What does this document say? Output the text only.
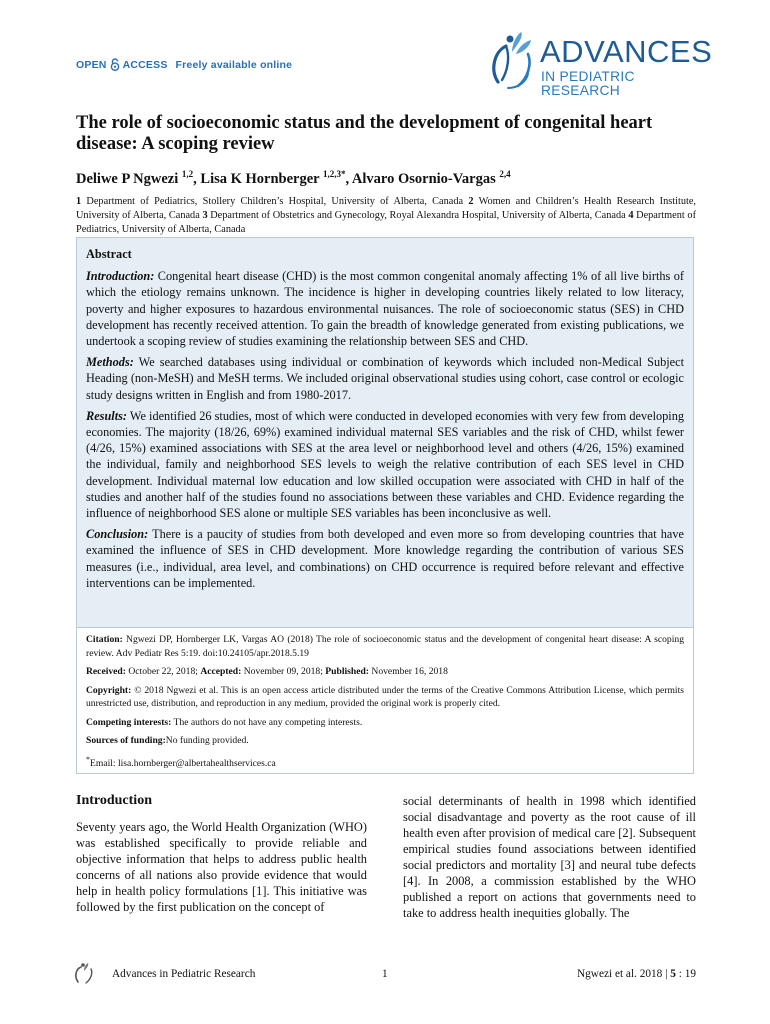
OPEN ACCESS Freely available online	ADVANCES
IN PEDIATRIC RESEARCH
The role of socioeconomic status and the development of congenital heart disease: A scoping review
Deliwe P Ngwezi $^{1,2}$, Lisa K Hornberger $^{1,2,3*}$, Alvaro Osornio-Vargas $^{2,4}$
1 Department of Pediatrics, Stollery Children’s Hospital, University of Alberta, Canada 2 Women and Children’s Health Research Institute, University of Alberta, Canada 3 Department of Obstetrics and Gynecology, Royal Alexandra Hospital, University of Alberta, Canada 4 Department of Pediatrics, University of Alberta, Canada
Abstract

Introduction: Congenital heart disease (CHD) is the most common congenital anomaly affecting 1% of all live births of which the etiology remains unknown. The incidence is higher in developing countries likely related to low literacy, poverty and higher exposures to hazardous environmental nuisances. The role of socioeconomic status (SES) in CHD development has recently received attention. To gain the breadth of knowledge generated from existing publications, we undertook a scoping review of studies examining the relationship between SES and CHD.

Methods: We searched databases using individual or combination of keywords which included non-Medical Subject Heading (non-MeSH) and MeSH terms. We included original observational studies using cohort, case control or ecologic study designs written in English and from 1980-2017.

Results: We identified 26 studies, most of which were conducted in developed economies with very few from developing economies. The majority (18/26, 69%) examined individual maternal SES variables and the risk of CHD, whilst fewer (4/26, 15%) examined associations with SES at the area level or neighborhood level and others (4/26, 15%) examined the individual, family and neighborhood SES levels to weigh the relative contribution of each SES level in CHD development. Individual maternal low education and low skilled occupation were associated with CHD in half of the studies and another half of the studies found no associations between these variables and CHD. Evidence regarding the influence of neighborhood SES alone or multiple SES variables has been inconclusive as well.

Conclusion: There is a paucity of studies from both developed and even more so from developing countries that have examined the influence of SES in CHD development. More knowledge regarding the contribution of various SES measures (i.e., individual, area level, and combinations) on CHD occurrence is required before relevant and effective interventions can be implemented.

Citation: Ngwezi DP, Hornberger LK, Vargas AO (2018) The role of socioeconomic status and the development of congenital heart disease: A scoping review. Adv Pediatr Res 5:19. doi:10.24105/apr.2018.5.19

Received: October 22, 2018; Accepted: November 09, 2018; Published: November 16, 2018

Copyright: © 2018 Ngwezi et al. This is an open access article distributed under the terms of the Creative Commons Attribution License, which permits unrestricted use, distribution, and reproduction in any medium, provided the original work is properly cited.

Competing interests: The authors do not have any competing interests.

Sources of funding:No funding provided.

*Email: lisa.hornberger@albertahealthservices.ca

Introduction

Seventy years ago, the World Health Organization (WHO) was established specifically to provide reliable and objective information that helps to address public health concerns of all nations also provide evidence that would help in health policy formulations [1]. This initiative was followed by the first publication on the concept of

social determinants of health in 1998 which identified social disadvantage and poverty as the root cause of ill health even after provision of medical care [2]. Subsequent empirical studies found associations between identified social predictors and mortality [3] and neural tube defects [4]. In 2008, a commission established by the WHO published a report on actions that governments need to take to address health inequities globally. The

Advances in Pediatric Research	1	Ngwezi et al. 2018 | 5 : 19
